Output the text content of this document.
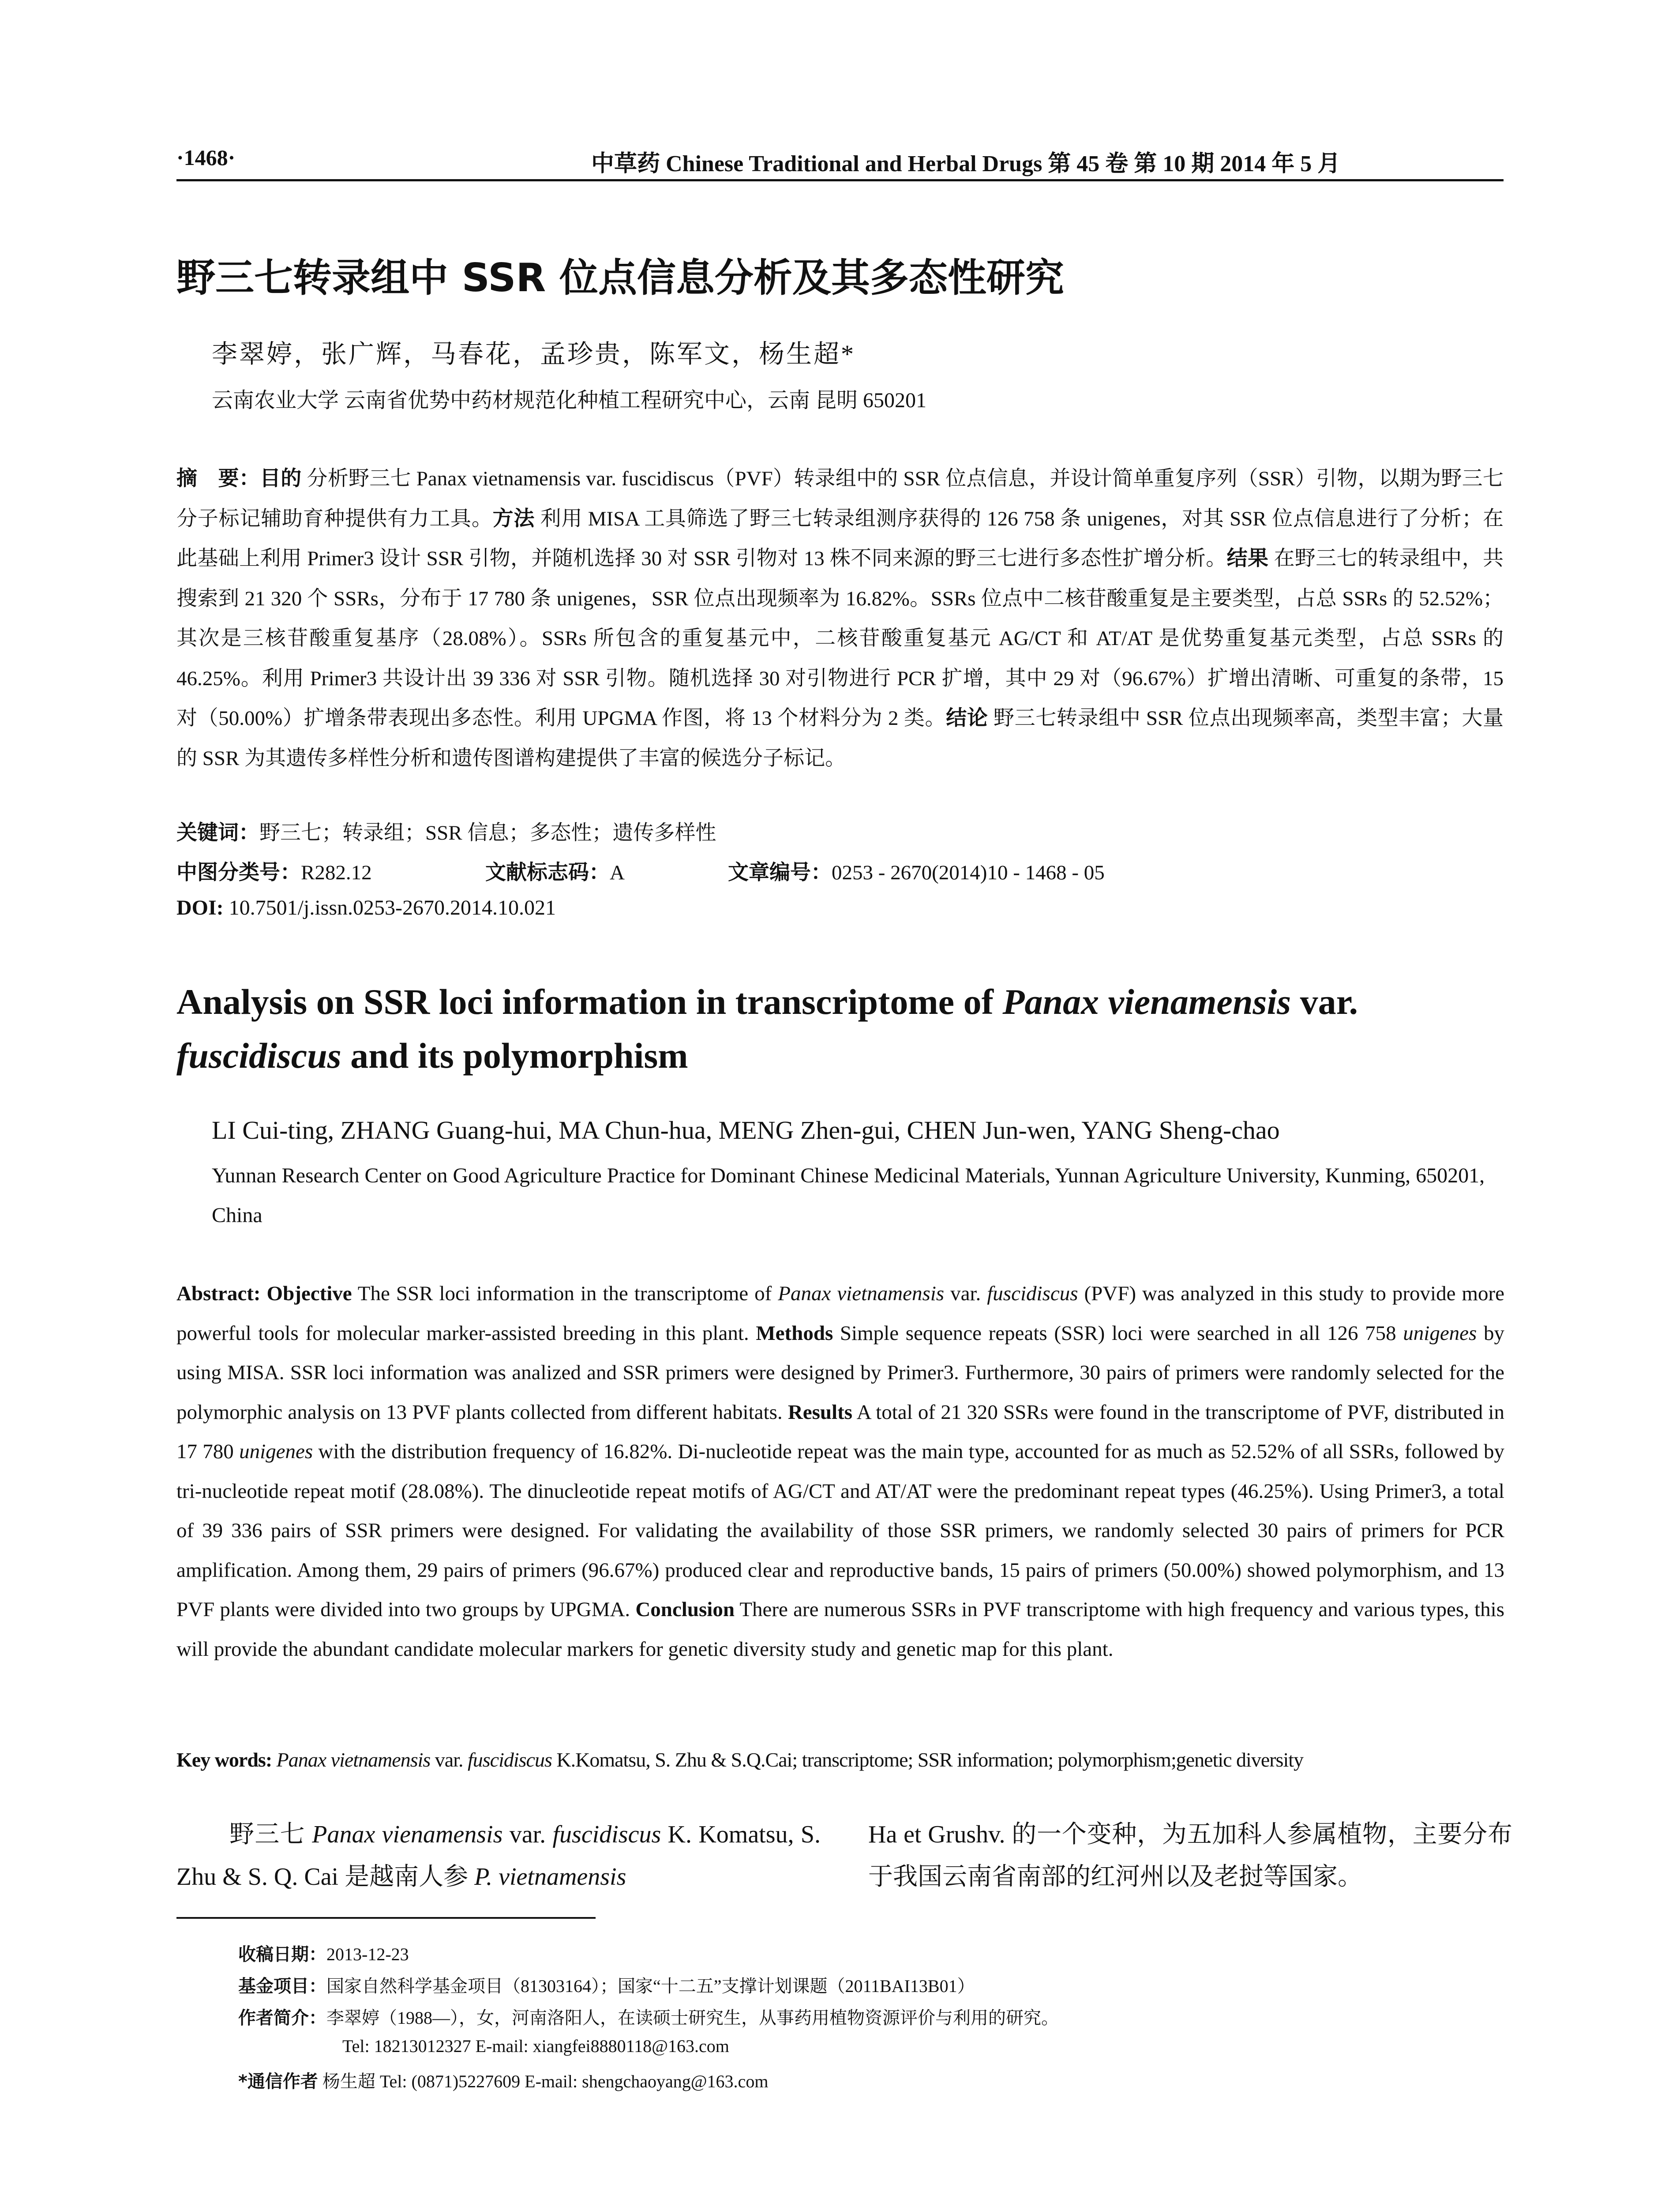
·1468·	中草药 Chinese Traditional and Herbal Drugs 第 45 卷 第 10 期 2014 年 5 月
野三七转录组中 SSR 位点信息分析及其多态性研究
李翠婷，张广辉，马春花，孟珍贵，陈军文，杨生超*
云南农业大学 云南省优势中药材规范化种植工程研究中心，云南 昆明 650201
摘　要：目的 分析野三七 Panax vietnamensis var. fuscidiscus（PVF）转录组中的 SSR 位点信息，并设计简单重复序列（SSR）引物，以期为野三七分子标记辅助育种提供有力工具。方法 利用 MISA 工具筛选了野三七转录组测序获得的 126 758 条 unigenes，对其 SSR 位点信息进行了分析；在此基础上利用 Primer3 设计 SSR 引物，并随机选择 30 对 SSR 引物对 13 株不同来源的野三七进行多态性扩增分析。结果 在野三七的转录组中，共搜索到 21 320 个 SSRs，分布于 17 780 条 unigenes，SSR 位点出现频率为 16.82%。SSRs 位点中二核苷酸重复是主要类型，占总 SSRs 的 52.52%；其次是三核苷酸重复基序（28.08%）。SSRs 所包含的重复基元中，二核苷酸重复基元 AG/CT 和 AT/AT 是优势重复基元类型，占总 SSRs 的 46.25%。利用 Primer3 共设计出 39 336 对 SSR 引物。随机选择 30 对引物进行 PCR 扩增，其中 29 对（96.67%）扩增出清晰、可重复的条带，15 对（50.00%）扩增条带表现出多态性。利用 UPGMA 作图，将 13 个材料分为 2 类。结论 野三七转录组中 SSR 位点出现频率高，类型丰富；大量的 SSR 为其遗传多样性分析和遗传图谱构建提供了丰富的候选分子标记。
关键词：野三七；转录组；SSR 信息；多态性；遗传多样性
中图分类号：R282.12	文献标志码：A	文章编号：0253 - 2670(2014)10 - 1468 - 05
DOI: 10.7501/j.issn.0253-2670.2014.10.021
Analysis on SSR loci information in transcriptome of Panax vienamensis var. fuscidiscus and its polymorphism
LI Cui-ting, ZHANG Guang-hui, MA Chun-hua, MENG Zhen-gui, CHEN Jun-wen, YANG Sheng-chao
Yunnan Research Center on Good Agriculture Practice for Dominant Chinese Medicinal Materials, Yunnan Agriculture University, Kunming, 650201, China
Abstract: Objective The SSR loci information in the transcriptome of Panax vietnamensis var. fuscidiscus (PVF) was analyzed in this study to provide more powerful tools for molecular marker-assisted breeding in this plant. Methods Simple sequence repeats (SSR) loci were searched in all 126 758 unigenes by using MISA. SSR loci information was analized and SSR primers were designed by Primer3. Furthermore, 30 pairs of primers were randomly selected for the polymorphic analysis on 13 PVF plants collected from different habitats. Results A total of 21 320 SSRs were found in the transcriptome of PVF, distributed in 17 780 unigenes with the distribution frequency of 16.82%. Di-nucleotide repeat was the main type, accounted for as much as 52.52% of all SSRs, followed by tri-nucleotide repeat motif (28.08%). The dinucleotide repeat motifs of AG/CT and AT/AT were the predominant repeat types (46.25%). Using Primer3, a total of 39 336 pairs of SSR primers were designed. For validating the availability of those SSR primers, we randomly selected 30 pairs of primers for PCR amplification. Among them, 29 pairs of primers (96.67%) produced clear and reproductive bands, 15 pairs of primers (50.00%) showed polymorphism, and 13 PVF plants were divided into two groups by UPGMA. Conclusion There are numerous SSRs in PVF transcriptome with high frequency and various types, this will provide the abundant candidate molecular markers for genetic diversity study and genetic map for this plant.
Key words: Panax vietnamensis var. fuscidiscus K.Komatsu, S. Zhu & S.Q.Cai; transcriptome; SSR information; polymorphism;genetic diversity
野三七 Panax vienamensis var. fuscidiscus K. Komatsu, S. Zhu & S. Q. Cai 是越南人参 P. vietnamensis
Ha et Grushv. 的一个变种，为五加科人参属植物，主要分布于我国云南省南部的红河州以及老挝等国家。
收稿日期：2013-12-23
基金项目：国家自然科学基金项目（81303164）；国家“十二五”支撑计划课题（2011BAI13B01）
作者简介：李翠婷（1988—），女，河南洛阳人，在读硕士研究生，从事药用植物资源评价与利用的研究。
Tel: 18213012327 E-mail: xiangfei8880118@163.com
*通信作者 杨生超 Tel: (0871)5227609 E-mail: shengchaoyang@163.com
